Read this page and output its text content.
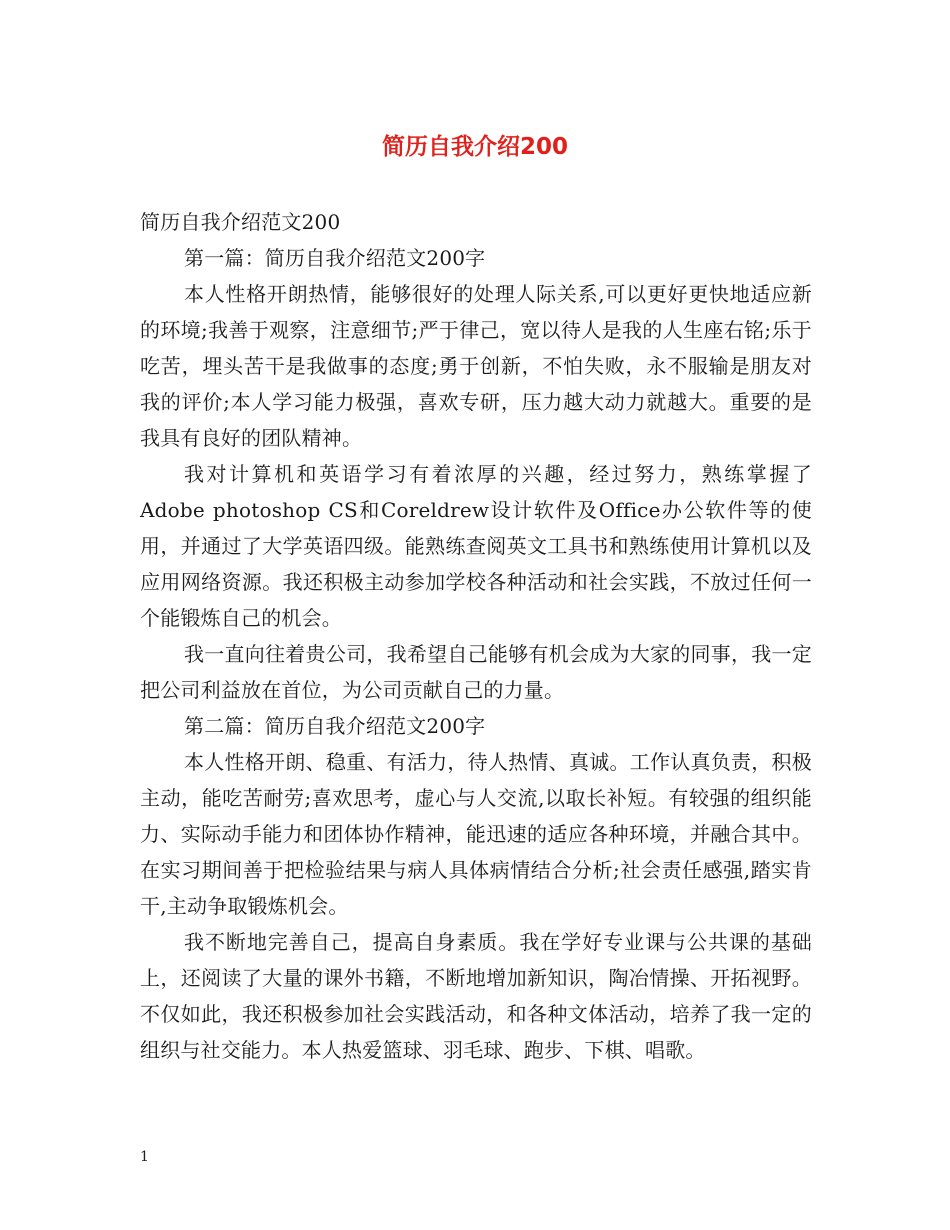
简历自我介绍200

简历自我介绍范文200

第一篇：简历自我介绍范文200字

本人性格开朗热情，能够很好的处理人际关系,可以更好更快地适应新的环境;我善于观察，注意细节;严于律己，宽以待人是我的人生座右铭;乐于吃苦，埋头苦干是我做事的态度;勇于创新，不怕失败，永不服输是朋友对我的评价;本人学习能力极强，喜欢专研，压力越大动力就越大。重要的是我具有良好的团队精神。

我对计算机和英语学习有着浓厚的兴趣，经过努力，熟练掌握了Adobe photoshop CS和Coreldrew设计软件及Office办公软件等的使用，并通过了大学英语四级。能熟练查阅英文工具书和熟练使用计算机以及应用网络资源。我还积极主动参加学校各种活动和社会实践，不放过任何一个能锻炼自己的机会。

我一直向往着贵公司，我希望自己能够有机会成为大家的同事，我一定把公司利益放在首位，为公司贡献自己的力量。

第二篇：简历自我介绍范文200字

本人性格开朗、稳重、有活力，待人热情、真诚。工作认真负责，积极主动，能吃苦耐劳;喜欢思考，虚心与人交流,以取长补短。有较强的组织能力、实际动手能力和团体协作精神，能迅速的适应各种环境，并融合其中。在实习期间善于把检验结果与病人具体病情结合分析;社会责任感强,踏实肯干,主动争取锻炼机会。

我不断地完善自己，提高自身素质。我在学好专业课与公共课的基础上，还阅读了大量的课外书籍，不断地增加新知识，陶冶情操、开拓视野。不仅如此，我还积极参加社会实践活动，和各种文体活动，培养了我一定的组织与社交能力。本人热爱篮球、羽毛球、跑步、下棋、唱歌。

1
